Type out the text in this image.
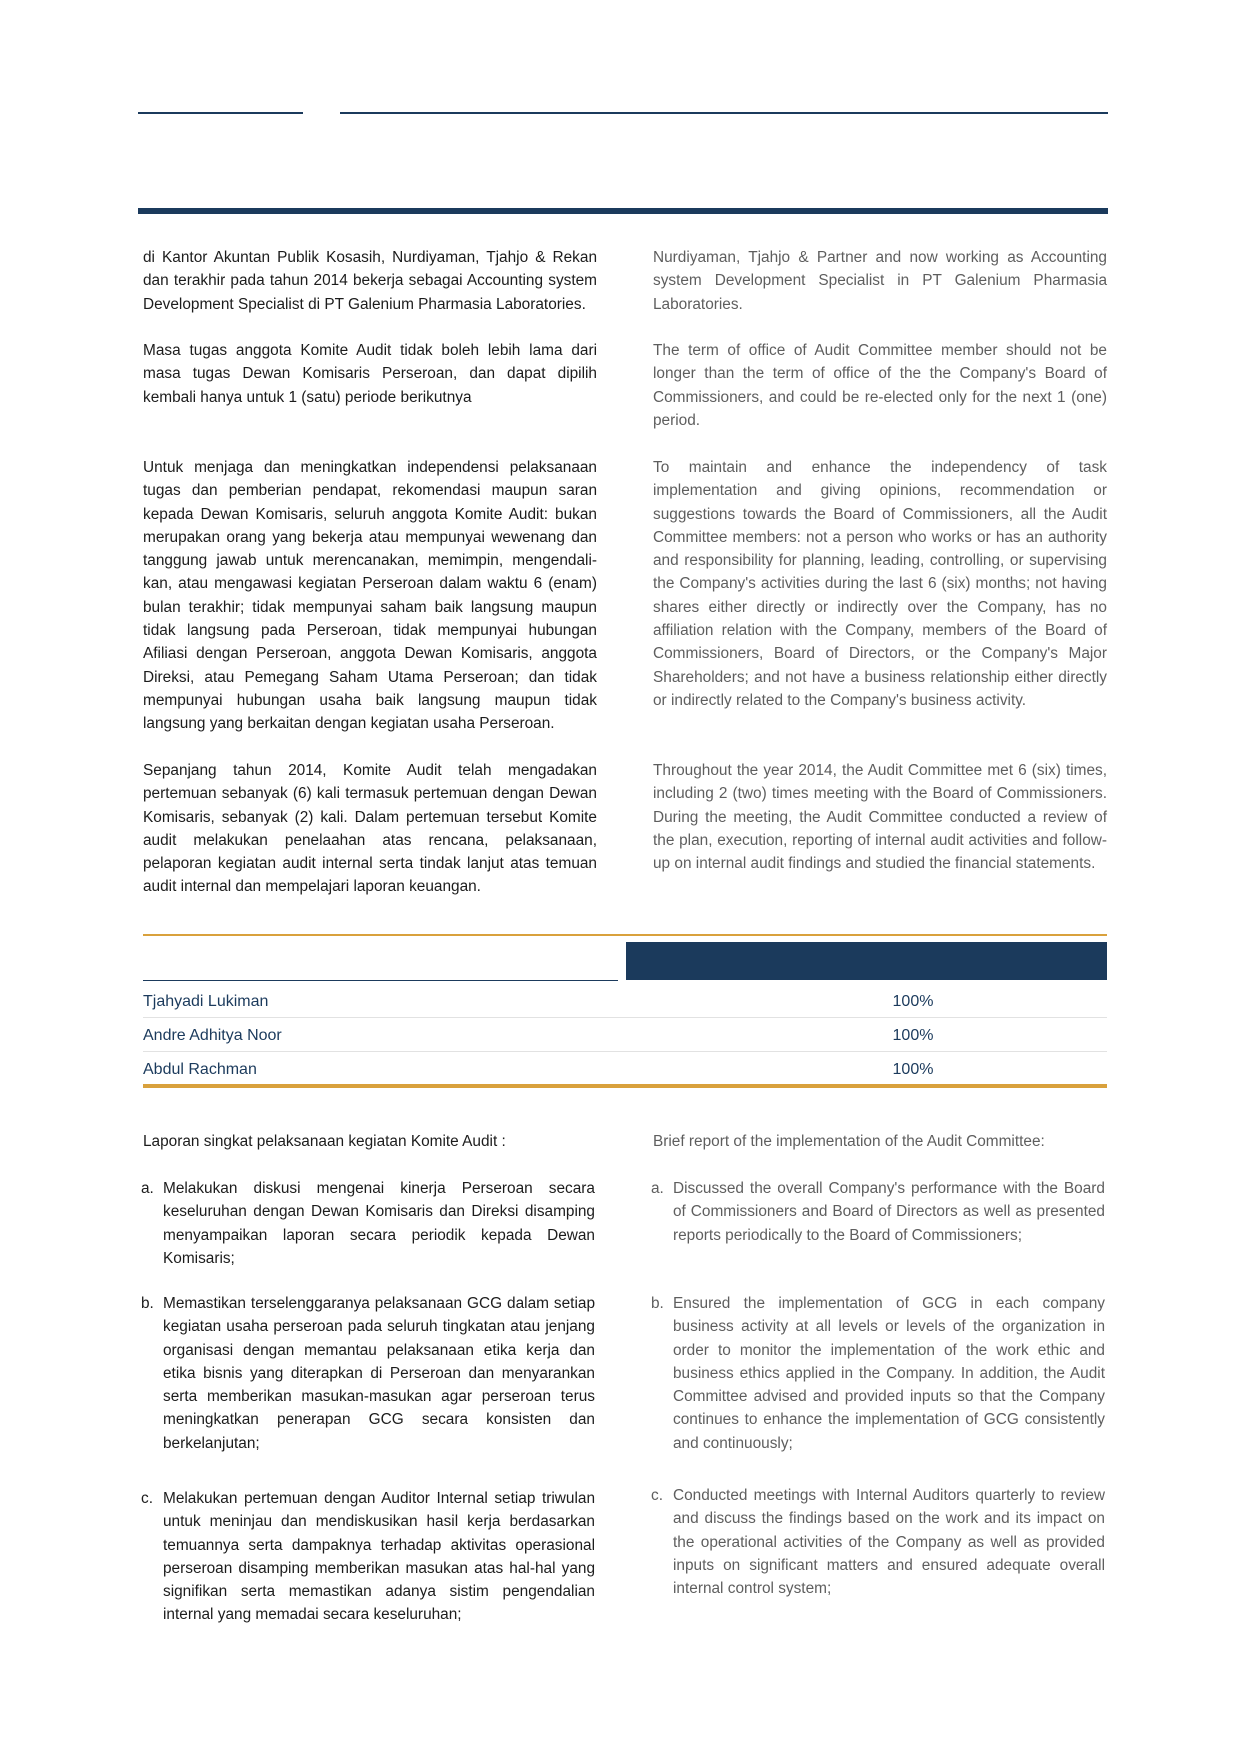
di Kantor Akuntan Publik Kosasih, Nurdiyaman, Tjahjo & Rekan dan terakhir pada tahun 2014 bekerja sebagai Accounting system Development Specialist di PT Galenium Pharmasia Laboratories.

Masa tugas anggota Komite Audit tidak boleh lebih lama dari masa tugas Dewan Komisaris Perseroan, dan dapat dipilih kembali hanya untuk 1 (satu) periode berikutnya

Untuk menjaga dan meningkatkan independensi pelaksanaan tugas dan pemberian pendapat, rekomendasi maupun saran kepada Dewan Komisaris, seluruh anggota Komite Audit: bukan merupakan orang yang bekerja atau mempunyai wewenang dan tanggung jawab untuk merencanakan, memimpin, mengendali-kan, atau mengawasi kegiatan Perseroan dalam waktu 6 (enam) bulan terakhir; tidak mempunyai saham baik langsung maupun tidak langsung pada Perseroan, tidak mempunyai hubungan Afiliasi dengan Perseroan, anggota Dewan Komisaris, anggota Direksi, atau Pemegang Saham Utama Perseroan; dan tidak mempunyai hubungan usaha baik langsung maupun tidak langsung yang berkaitan dengan kegiatan usaha Perseroan.

Sepanjang tahun 2014, Komite Audit telah mengadakan pertemuan sebanyak (6) kali termasuk pertemuan dengan Dewan Komisaris, sebanyak (2) kali. Dalam pertemuan tersebut Komite audit melakukan penelaahan atas rencana, pelaksanaan, pelaporan kegiatan audit internal serta tindak lanjut atas temuan audit internal dan mempelajari laporan keuangan.

Nurdiyaman, Tjahjo & Partner and now working as Accounting system Development Specialist in PT Galenium Pharmasia Laboratories.

The term of office of Audit Committee member should not be longer than the term of office of the the Company's Board of Commissioners, and could be re-elected only for the next 1 (one) period.

To maintain and enhance the independency of task implementation and giving opinions, recommendation or suggestions towards the Board of Commissioners, all the Audit Committee members: not a person who works or has an authority and responsibility for planning, leading, controlling, or supervising the Company's activities during the last 6 (six) months; not having shares either directly or indirectly over the Company, has no affiliation relation with the Company, members of the Board of Commissioners, Board of Directors, or the Company's Major Shareholders; and not have a business relationship either directly or indirectly related to the Company's business activity.

Throughout the year 2014, the Audit Committee met 6 (six) times, including 2 (two) times meeting with the Board of Commissioners. During the meeting, the Audit Committee conducted a review of the plan, execution, reporting of internal audit activities and follow-up on internal audit findings and studied the financial statements.

Tjahyadi Lukiman	100%
Andre Adhitya Noor	100%
Abdul Rachman	100%

Laporan singkat pelaksanaan kegiatan Komite Audit :	Brief report of the implementation of the Audit Committee:

a. Melakukan diskusi mengenai kinerja Perseroan secara keseluruhan dengan Dewan Komisaris dan Direksi disamping menyampaikan laporan secara periodik kepada Dewan Komisaris;
b. Memastikan terselenggaranya pelaksanaan GCG dalam setiap kegiatan usaha perseroan pada seluruh tingkatan atau jenjang organisasi dengan memantau pelaksanaan etika kerja dan etika bisnis yang diterapkan di Perseroan dan menyarankan serta memberikan masukan-masukan agar perseroan terus meningkatkan penerapan GCG secara konsisten dan berkelanjutan;
c. Melakukan pertemuan dengan Auditor Internal setiap triwulan untuk meninjau dan mendiskusikan hasil kerja berdasarkan temuannya serta dampaknya terhadap aktivitas operasional perseroan disamping memberikan masukan atas hal-hal yang signifikan serta memastikan adanya sistim pengendalian internal yang memadai secara keseluruhan;
a. Discussed the overall Company's performance with the Board of Commissioners and Board of Directors as well as presented reports periodically to the Board of Commissioners;
b. Ensured the implementation of GCG in each company business activity at all levels or levels of the organization in order to monitor the implementation of the work ethic and business ethics applied in the Company. In addition, the Audit Committee advised and provided inputs so that the Company continues to enhance the implementation of GCG consistently and continuously;
c. Conducted meetings with Internal Auditors quarterly to review and discuss the findings based on the work and its impact on the operational activities of the Company as well as provided inputs on significant matters and ensured adequate overall internal control system;
